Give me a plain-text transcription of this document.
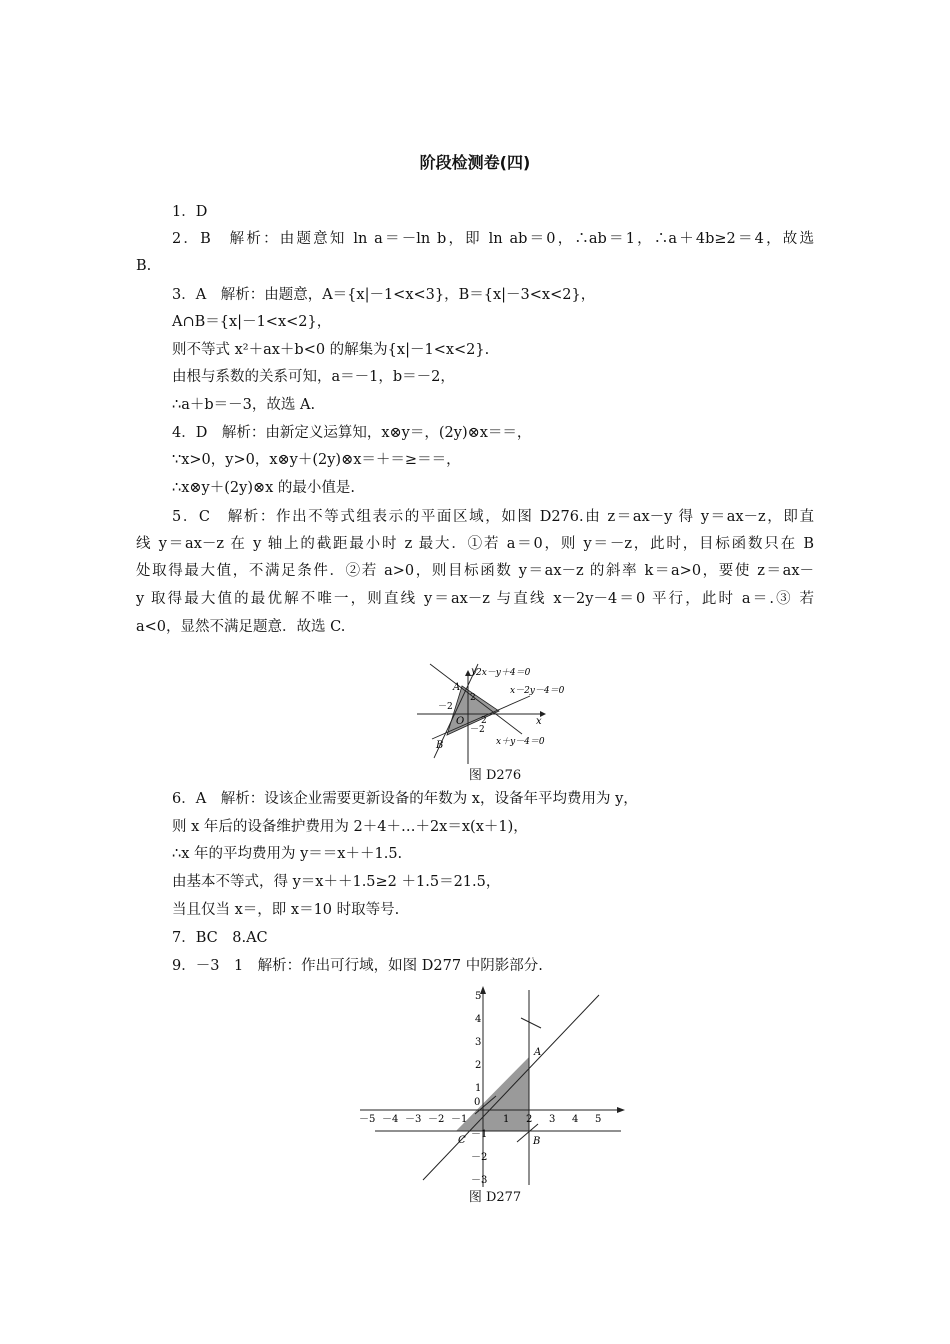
阶段检测卷(四)
1．D
2．B　解析：由题意知 ln a＝－ln b，即 ln ab＝0，∴ab＝1，∴a＋4b≥2＝4，故选
B.
3．A　解析：由题意，A＝{x|－1<x<3}，B＝{x|－3<x<2}，
A∩B＝{x|－1<x<2}，
则不等式 x²＋ax＋b<0 的解集为{x|－1<x<2}.
由根与系数的关系可知，a＝－1，b＝－2，
∴a＋b＝－3，故选 A.
4．D　解析：由新定义运算知，x⊗y＝，(2y)⊗x＝＝，
∵x>0，y>0，x⊗y＋(2y)⊗x＝＋＝≥＝＝，
∴x⊗y＋(2y)⊗x 的最小值是.
5．C　解析：作出不等式组表示的平面区域，如图 D276.由 z＝ax－y 得 y＝ax－z，即直
线 y＝ax－z 在 y 轴上的截距最小时 z 最大．①若 a＝0，则 y＝－z，此时，目标函数只在 B
处取得最大值，不满足条件．②若 a>0，则目标函数 y＝ax－z 的斜率 k＝a>0，要使 z＝ax－
y 取得最大值的最优解不唯一，则直线 y＝ax－z 与直线 x－2y－4＝0 平行，此时 a＝.③ 若
a<0，显然不满足题意．故选 C.
y
x
O
A
B
2x－y＋4＝0
x－2y－4＝0
x＋y－4＝0
－2
2
－2
2
图 D276
6．A　解析：设该企业需要更新设备的年数为 x，设备年平均费用为 y，
则 x 年后的设备维护费用为 2＋4＋…＋2x＝x(x＋1)，
∴x 年的平均费用为 y＝＝x＋＋1.5.
由基本不等式，得 y＝x＋＋1.5≥2 ＋1.5＝21.5，
当且仅当 x＝，即 x＝10 时取等号.
7．BC　8.AC
9．－3　1　解析：作出可行域，如图 D277 中阴影部分.
A
B
C
－5 －4 －3 －2 －1
0
1 2 3 4 5
5
4
3
2
1
－1
－2
－3
图 D277
